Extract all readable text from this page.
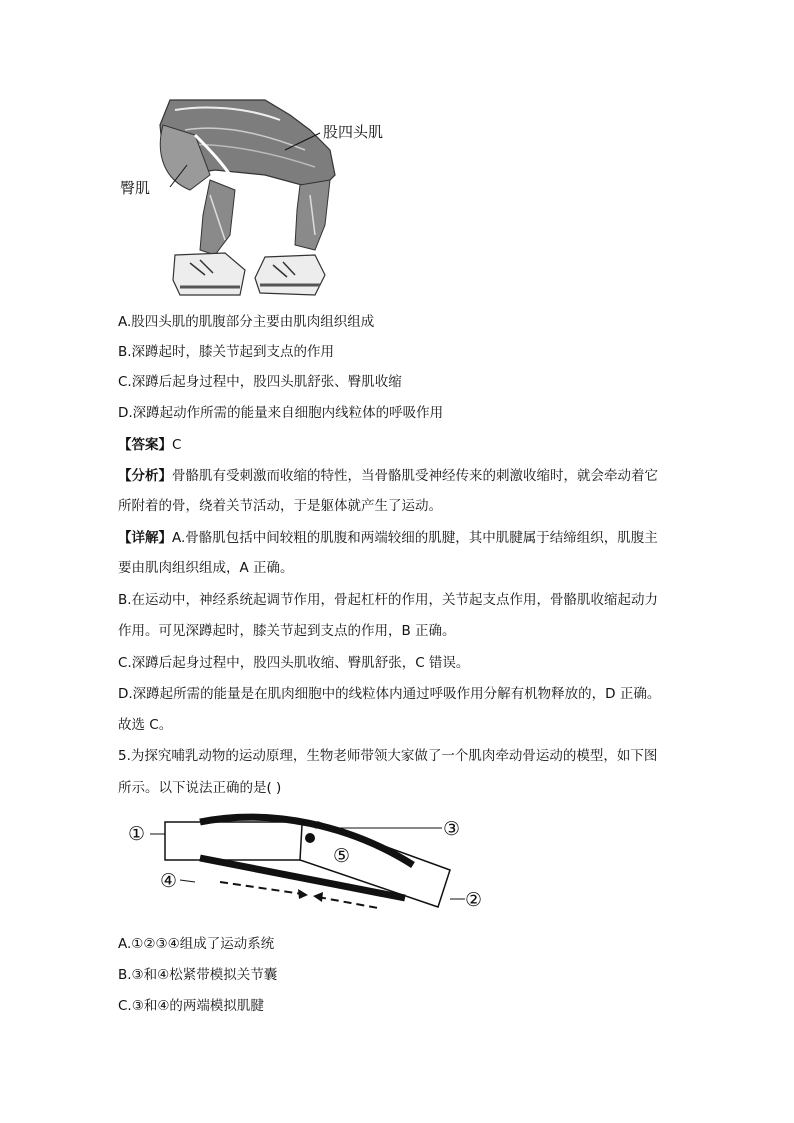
股四头肌
臀肌
A.股四头肌的肌腹部分主要由肌肉组织组成
B.深蹲起时，膝关节起到支点的作用
C.深蹲后起身过程中，股四头肌舒张、臀肌收缩
D.深蹲起动作所需的能量来自细胞内线粒体的呼吸作用
【答案】C
【分析】骨骼肌有受刺激而收缩的特性，当骨骼肌受神经传来的刺激收缩时，就会牵动着它
所附着的骨，绕着关节活动，于是躯体就产生了运动。
【详解】A.骨骼肌包括中间较粗的肌腹和两端较细的肌腱，其中肌腱属于结缔组织，肌腹主
要由肌肉组织组成，A 正确。
B.在运动中，神经系统起调节作用，骨起杠杆的作用，关节起支点作用，骨骼肌收缩起动力
作用。可见深蹲起时，膝关节起到支点的作用，B 正确。
C.深蹲后起身过程中，股四头肌收缩、臀肌舒张，C 错误。
D.深蹲起所需的能量是在肌肉细胞中的线粒体内通过呼吸作用分解有机物释放的，D 正确。
故选 C。
5.为探究哺乳动物的运动原理，生物老师带领大家做了一个肌肉牵动骨运动的模型，如下图
所示。以下说法正确的是( )
①
②
③
④
⑤
A.①②③④组成了运动系统
B.③和④松紧带模拟关节囊
C.③和④的两端模拟肌腱
